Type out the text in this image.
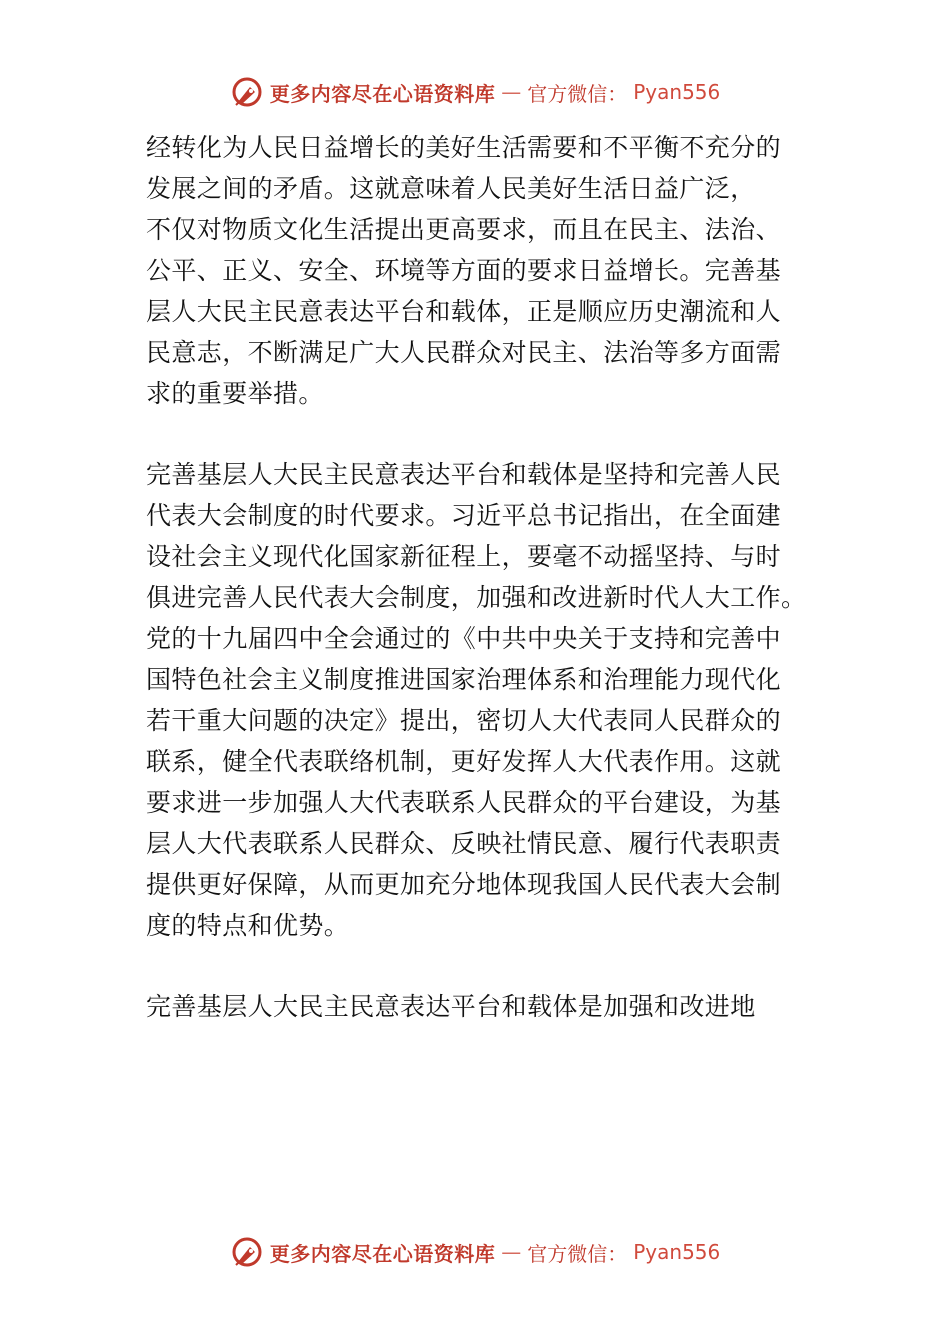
更多内容尽在心语资料库 — 官方微信： Pyan556

经转化为人民日益增长的美好生活需要和不平衡不充分的
发展之间的矛盾。这就意味着人民美好生活日益广泛，
不仅对物质文化生活提出更高要求，而且在民主、法治、
公平、正义、安全、环境等方面的要求日益增长。完善基
层人大民主民意表达平台和载体，正是顺应历史潮流和人
民意志，不断满足广大人民群众对民主、法治等多方面需
求的重要举措。

完善基层人大民主民意表达平台和载体是坚持和完善人民
代表大会制度的时代要求。习近平总书记指出，在全面建
设社会主义现代化国家新征程上，要毫不动摇坚持、与时
俱进完善人民代表大会制度，加强和改进新时代人大工作。
党的十九届四中全会通过的《中共中央关于支持和完善中
国特色社会主义制度推进国家治理体系和治理能力现代化
若干重大问题的决定》提出，密切人大代表同人民群众的
联系，健全代表联络机制，更好发挥人大代表作用。这就
要求进一步加强人大代表联系人民群众的平台建设，为基
层人大代表联系人民群众、反映社情民意、履行代表职责
提供更好保障，从而更加充分地体现我国人民代表大会制
度的特点和优势。

完善基层人大民主民意表达平台和载体是加强和改进地

更多内容尽在心语资料库 — 官方微信： Pyan556
